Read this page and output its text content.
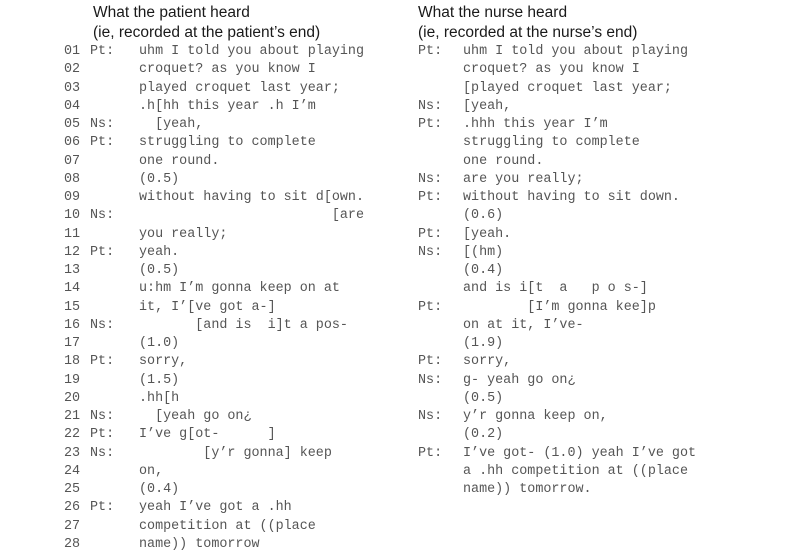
What the patient heard
(ie, recorded at the patient’s end)
01 Pt: uhm I told you about playing
02	croquet? as you know I
03	played croquet last year;
04	.h[hh this year .h I’m
05 Ns: [yeah,
06 Pt: struggling to complete
07	one round.
08	(0.5)
09	without having to sit d[own.
10 Ns: [are
11	you really;
12 Pt: yeah.
13	(0.5)
14	u:hm I’m gonna keep on at
15	it, I’[ve got a-]
16 Ns: [and is  i]t a pos-
17	(1.0)
18 Pt: sorry,
19	(1.5)
20	.hh[h
21 Ns: [yeah go on¿
22 Pt: I’ve g[ot-      ]
23 Ns: [y’r gonna] keep
24	on,
25	(0.4)
26 Pt: yeah I’ve got a .hh
27	competition at ((place
28	name)) tomorrow
What the nurse heard
(ie, recorded at the nurse’s end)
Pt: uhm I told you about playing
croquet? as you know I
[played croquet last year;
Ns: [yeah,
Pt: .hhh this year I’m
struggling to complete
one round.
Ns: are you really;
Pt: without having to sit down.
(0.6)
Pt: [yeah.
Ns: [(hm)
(0.4)
and is i[t  a   p o s-]
Pt: [I’m gonna kee]p
on at it, I’ve-
(1.9)
Pt: sorry,
Ns: g- yeah go on¿
(0.5)
Ns: y’r gonna keep on,
(0.2)
Pt: I’ve got- (1.0) yeah I’ve got
a .hh competition at ((place
name)) tomorrow.
